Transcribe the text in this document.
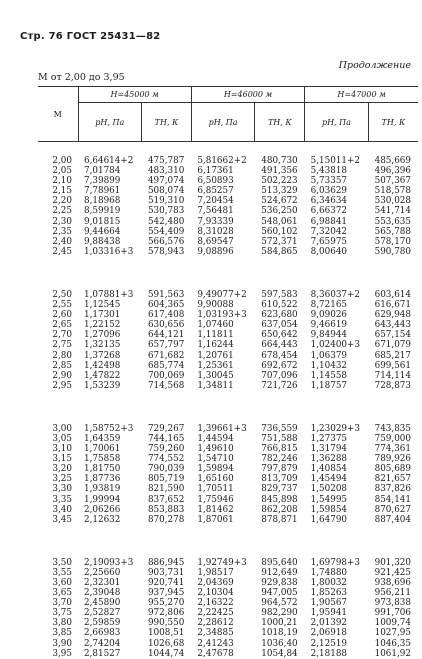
Стр. 76 ГОСТ 25431—82
Продолжение
M от 2,00 до 3,95
M	H=45000 м		H=46000 м		H=47000 м	
	pН, Па	TН, К	pН, Па	TН, К	pН, Па	TН, К

2,00	6,64614+2	475,787	5,81662+2	480,730	5,15011+2	485,669
2,05	7,01784	483,310	6,17361	491,356	5,43818	496,396
2,10	7,39899	497,074	6,50893	502,223	5,73357	507,367
2,15	7,78961	508,074	6,85257	513,329	6,03629	518,578
2,20	8,18968	519,310	7,20454	524,672	6,34634	530,028
2,25	8,59919	530,783	7,56481	536,250	6,66372	541,714
2,30	9,01815	542,480	7,93339	548,061	6,98841	553,635
2,35	9,44664	554,409	8,31028	560,102	7,32042	565,788
2,40	9,88438	566,576	8,69547	572,371	7,65975	578,170
2,45	1,03316+3	578,943	9,08896	584,865	8,00640	590,780

2,50	1,07881+3	591,563	9,49077+2	597,583	8,36037+2	603,614
2,55	1,12545	604,365	9,90088	610,522	8,72165	616,671
2,60	1,17301	617,408	1,03193+3	623,680	9,09026	629,948
2,65	1,22152	630,656	1,07460	637,054	9,46619	643,443
2,70	1,27096	644,121	1,11811	650,642	9,84944	657,154
2,75	1,32135	657,797	1,16244	664,443	1,02400+3	671,079
2,80	1,37268	671,682	1,20761	678,454	1,06379	685,217
2,85	1,42498	685,774	1,25361	692,672	1,10432	699,561
2,90	1,47822	700,069	1,30045	707,096	1,14558	714,114
2,95	1,53239	714,568	1,34811	721,726	1,18757	728,873

3,00	1,58752+3	729,267	1,39661+3	736,559	1,23029+3	743,835
3,05	1,64359	744,165	1,44594	751,588	1,27375	759,000
3,10	1,70061	759,260	1,49610	766,815	1,31794	774,361
3,15	1,75858	774,552	1,54710	782,246	1,36288	789,926
3,20	1,81750	790,039	1,59894	797,879	1,40854	805,689
3,25	1,87736	805,719	1,65160	813,709	1,45494	821,657
3,30	1,93819	821,590	1,70511	829,737	1,50208	837,826
3,35	1,99994	837,652	1,75946	845,898	1,54995	854,141
3,40	2,06266	853,883	1,81462	862,208	1,59854	870,627
3,45	2,12632	870,278	1,87061	878,871	1,64790	887,404

3,50	2,19093+3	886,945	1,92749+3	895,640	1,69798+3	901,320
3,55	2,25660	903,731	1,98517	912,649	1,74880	921,425
3,60	2,32301	920,741	2,04369	929,838	1,80032	938,696
3,65	2,39048	937,945	2,10304	947,005	1,85263	956,211
3,70	2,45890	955,270	2,16322	964,572	1,90567	973,838
3,75	2,52827	972,806	2,22425	982,290	1,95941	991,706
3,80	2,59859	990,550	2,28612	1000,21	2,01392	1009,74
3,85	2,66983	1008,51	2,34885	1018,19	2,06918	1027,95
3,90	2,74204	1026,68	2,41243	1036,40	2,12519	1046,35
3,95	2,81527	1044,74	2,47678	1054,84	2,18188	1061,92
